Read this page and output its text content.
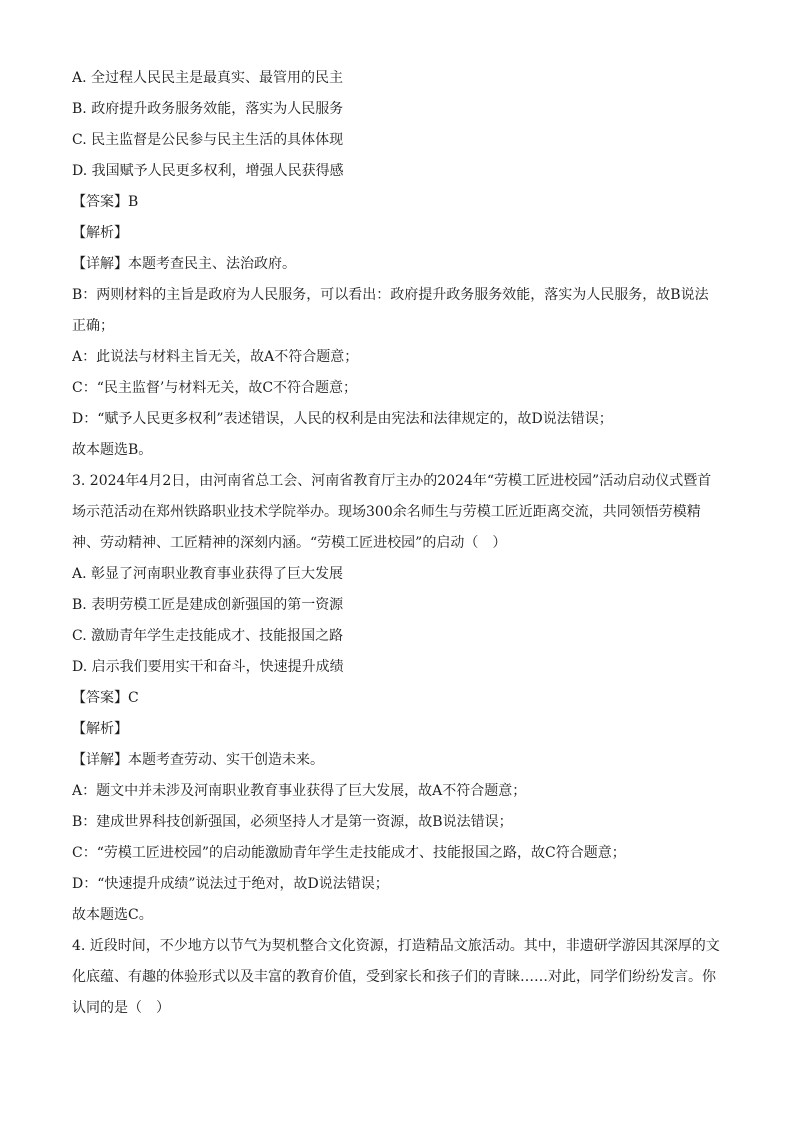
A. 全过程人民民主是最真实、最管用的民主
B. 政府提升政务服务效能，落实为人民服务
C. 民主监督是公民参与民主生活的具体体现
D. 我国赋予人民更多权利，增强人民获得感
【答案】B
【解析】
【详解】本题考查民主、法治政府。
B：两则材料的主旨是政府为人民服务，可以看出：政府提升政务服务效能，落实为人民服务，故B说法正确；
A：此说法与材料主旨无关，故A不符合题意；
C：“民主监督’与材料无关，故C不符合题意；
D：“赋予人民更多权利”表述错误，人民的权利是由宪法和法律规定的，故D说法错误；
故本题选B。
3. 2024年4月2日，由河南省总工会、河南省教育厅主办的2024年“劳模工匠进校园”活动启动仪式暨首场示范活动在郑州铁路职业技术学院举办。现场300余名师生与劳模工匠近距离交流，共同领悟劳模精神、劳动精神、工匠精神的深刻内涵。“劳模工匠进校园”的启动（　）
A. 彰显了河南职业教育事业获得了巨大发展
B. 表明劳模工匠是建成创新强国的第一资源
C. 激励青年学生走技能成才、技能报国之路
D. 启示我们要用实干和奋斗，快速提升成绩
【答案】C
【解析】
【详解】本题考查劳动、实干创造未来。
A：题文中并未涉及河南职业教育事业获得了巨大发展，故A不符合题意；
B：建成世界科技创新强国，必须坚持人才是第一资源，故B说法错误；
C：“劳模工匠进校园”的启动能激励青年学生走技能成才、技能报国之路，故C符合题意；
D：“快速提升成绩”说法过于绝对，故D说法错误；
故本题选C。
4. 近段时间，不少地方以节气为契机整合文化资源，打造精品文旅活动。其中，非遗研学游因其深厚的文化底蕴、有趣的体验形式以及丰富的教育价值，受到家长和孩子们的青睐……对此，同学们纷纷发言。你认同的是（　）
